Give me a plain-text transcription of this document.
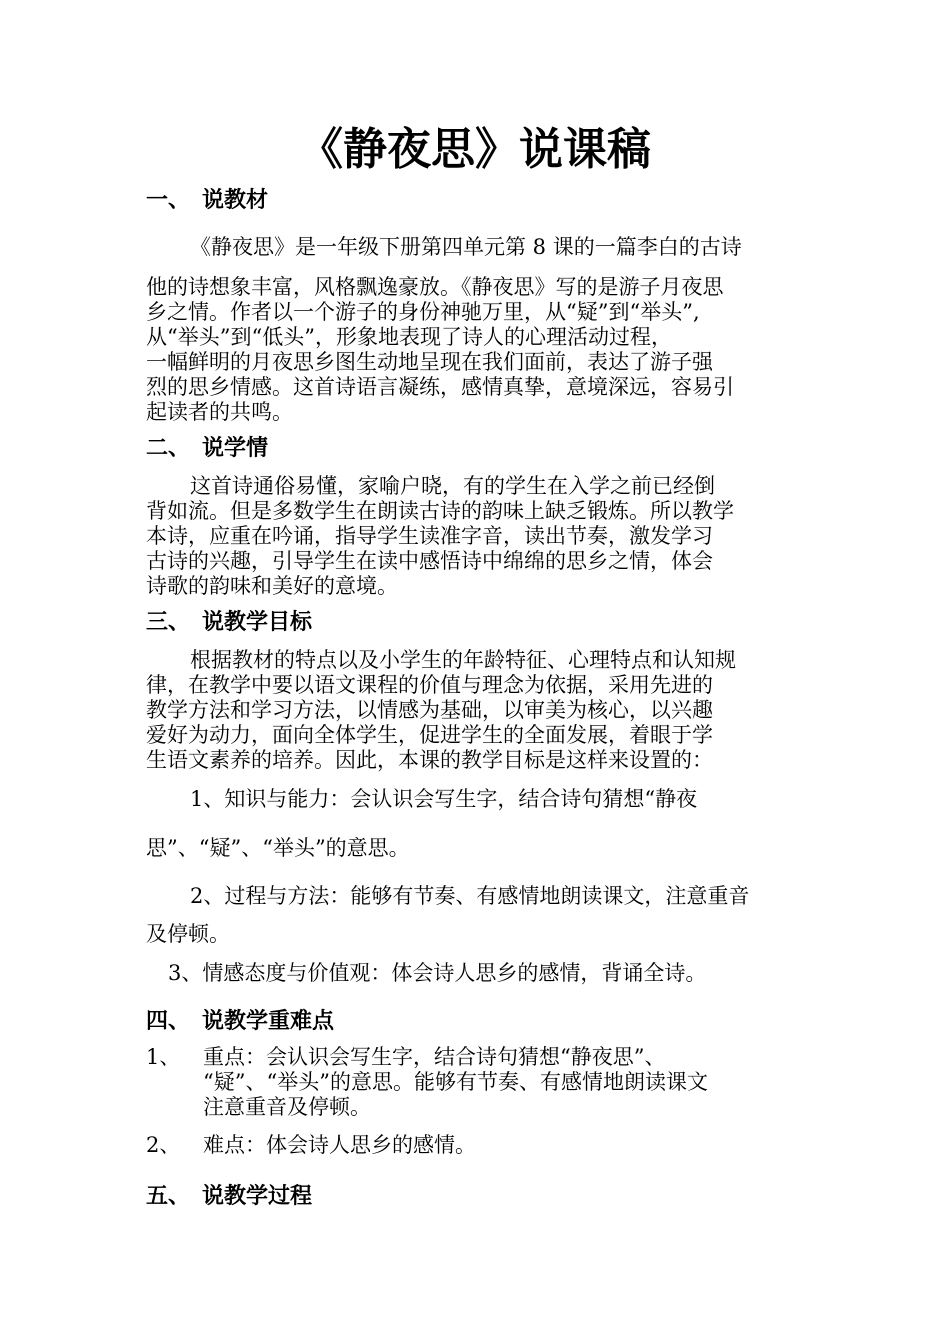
《静夜思》说课稿
一、 说教材
《静夜思》是一年级下册第四单元第 8 课的一篇李白的古诗
他的诗想象丰富，风格飘逸豪放。《静夜思》写的是游子月夜思
乡之情。作者以一个游子的身份神驰万里，从“疑”到“举头”,
从“举头”到“低头”，形象地表现了诗人的心理活动过程，
一幅鲜明的月夜思乡图生动地呈现在我们面前，表达了游子强
烈的思乡情感。这首诗语言凝练，感情真挚，意境深远，容易引
起读者的共鸣。
二、 说学情
这首诗通俗易懂，家喻户晓，有的学生在入学之前已经倒
背如流。但是多数学生在朗读古诗的韵味上缺乏锻炼。所以教学
本诗，应重在吟诵，指导学生读准字音，读出节奏，激发学习
古诗的兴趣，引导学生在读中感悟诗中绵绵的思乡之情，体会
诗歌的韵味和美好的意境。
三、 说教学目标
根据教材的特点以及小学生的年龄特征、心理特点和认知规
律，在教学中要以语文课程的价值与理念为依据，采用先进的
教学方法和学习方法，以情感为基础，以审美为核心，以兴趣
爱好为动力，面向全体学生，促进学生的全面发展，着眼于学
生语文素养的培养。因此，本课的教学目标是这样来设置的：
1、知识与能力：会认识会写生字，结合诗句猜想“静夜
思”、“疑”、“举头”的意思。
2、过程与方法：能够有节奏、有感情地朗读课文，注意重音
及停顿。
3、情感态度与价值观：体会诗人思乡的感情，背诵全诗。
四、 说教学重难点
1、 重点：会认识会写生字，结合诗句猜想“静夜思”、
“疑”、“举头”的意思。能够有节奏、有感情地朗读课文
注意重音及停顿。
2、 难点：体会诗人思乡的感情。
五、 说教学过程
